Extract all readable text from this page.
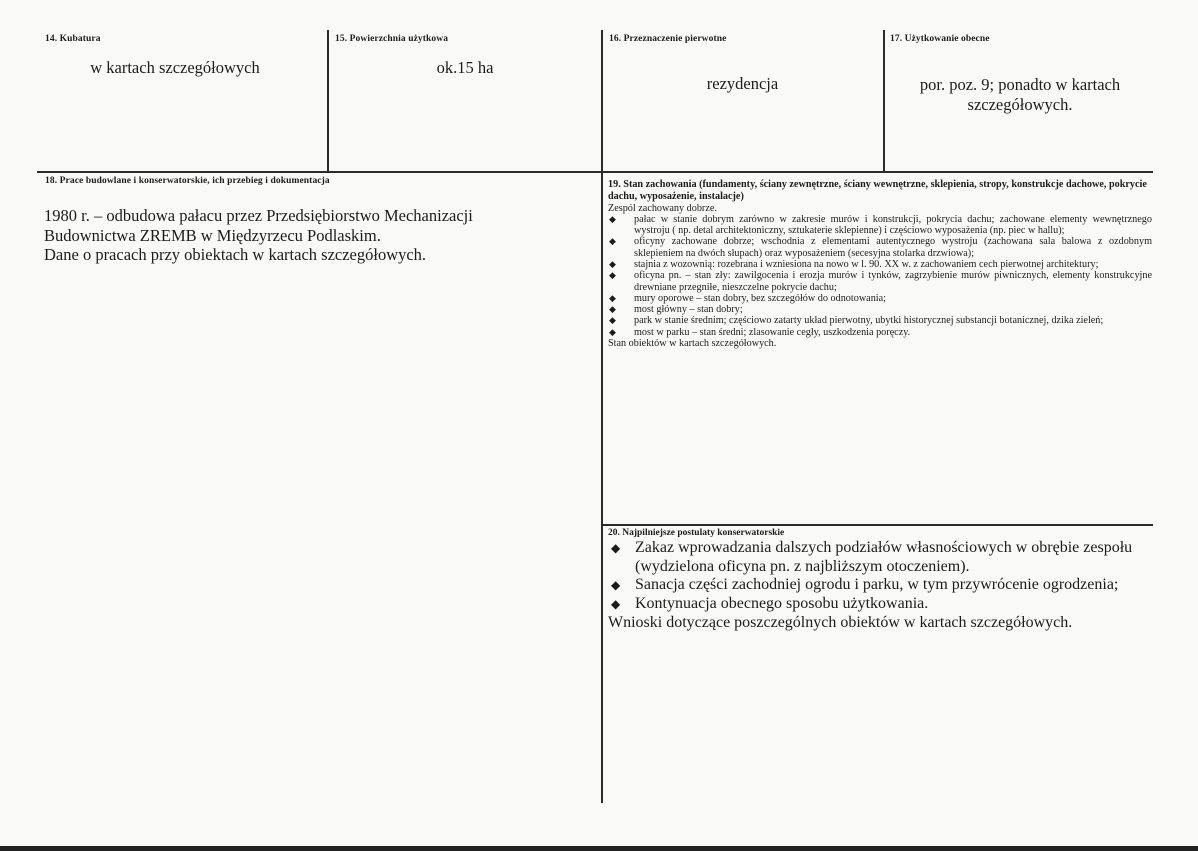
14. Kubatura
w kartach szczegółowych
15. Powierzchnia użytkowa
ok.15 ha
16. Przeznaczenie pierwotne
rezydencja
17. Użytkowanie obecne
por. poz. 9; ponadto w kartach szczegółowych.
18. Prace budowlane i konserwatorskie, ich przebieg i dokumentacja
1980 r. – odbudowa pałacu przez Przedsiębiorstwo Mechanizacji
Budownictwa ZREMB w Międzyrzecu Podlaskim.
Dane o pracach przy obiektach w kartach szczegółowych.
19. Stan zachowania (fundamenty, ściany zewnętrzne, ściany wewnętrzne, sklepienia, stropy, konstrukcje dachowe, pokrycie dachu, wyposażenie, instalacje)
Zespól zachowany dobrze.
◆ pałac w stanie dobrym zarówno w zakresie murów i konstrukcji, pokrycia dachu; zachowane elementy wewnętrznego wystroju ( np. detal architektoniczny, sztukaterie sklepienne) i częściowo wyposażenia (np. piec w hallu);
◆ oficyny zachowane dobrze; wschodnia z elementami autentycznego wystroju (zachowana sala balowa z ozdobnym sklepieniem na dwóch słupach) oraz wyposażeniem (secesyjna stolarka drzwiowa);
◆ stajnia z wozownią: rozebrana i wzniesiona na nowo w l. 90. XX w. z zachowaniem cech pierwotnej architektury;
◆ oficyna pn. – stan zły: zawilgocenia i erozja murów i tynków, zagrzybienie murów piwnicznych, elementy konstrukcyjne drewniane przegniłe, nieszczelne pokrycie dachu;
◆ mury oporowe – stan dobry, bez szczegółów do odnotowania;
◆ most główny – stan dobry;
◆ park w stanie średnim; częściowo zatarty układ pierwotny, ubytki historycznej substancji botanicznej, dzika zieleń;
◆ most w parku – stan średni; zlasowanie cegły, uszkodzenia poręczy.
Stan obiektów w kartach szczegółowych.
20. Najpilniejsze postulaty konserwatorskie
◆ Zakaz wprowadzania dalszych podziałów własnościowych w obrębie zespołu (wydzielona oficyna pn. z najbliższym otoczeniem).
◆ Sanacja części zachodniej ogrodu i parku, w tym przywrócenie ogrodzenia;
◆ Kontynuacja obecnego sposobu użytkowania.
Wnioski dotyczące poszczególnych obiektów w kartach szczegółowych.
